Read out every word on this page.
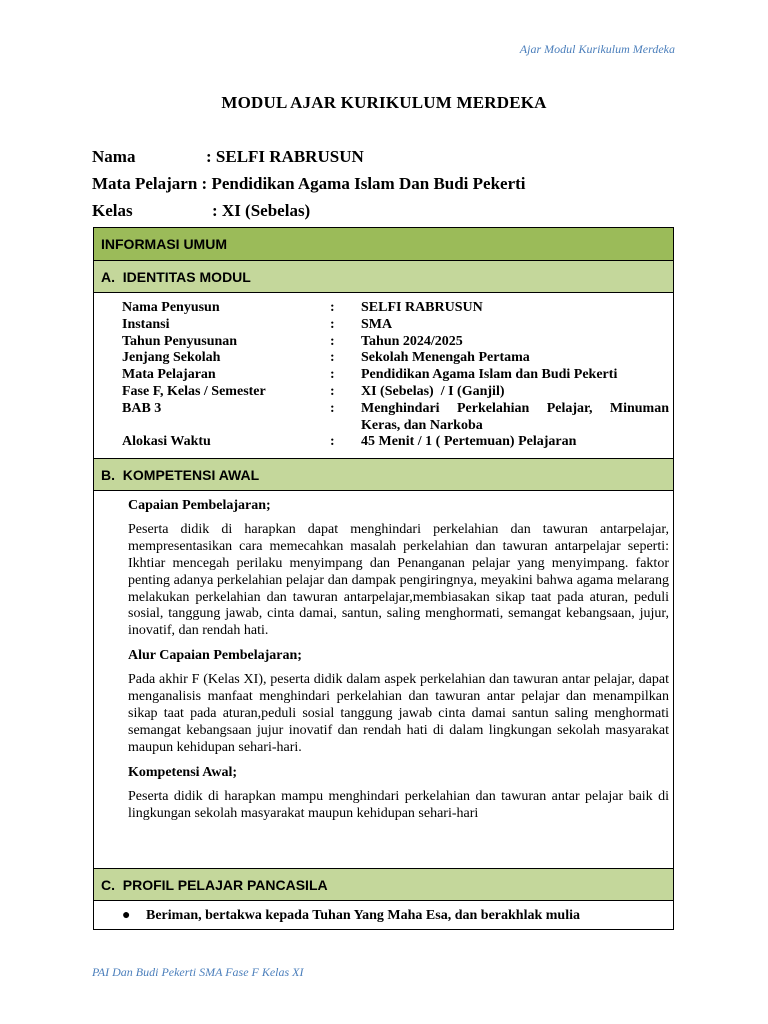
Ajar Modul Kurikulum Merdeka
MODUL AJAR KURIKULUM MERDEKA
Nama	: SELFI RABRUSUN
Mata Pelajarn : Pendidikan Agama Islam Dan Budi Pekerti
Kelas	: XI (Sebelas)
INFORMASI UMUM
A.  IDENTITAS MODUL
Nama Penyusun	:	SELFI RABRUSUN
Instansi	:	SMA
Tahun Penyusunan	:	Tahun 2024/2025
Jenjang Sekolah	:	Sekolah Menengah Pertama
Mata Pelajaran	:	Pendidikan Agama Islam dan Budi Pekerti
Fase F, Kelas / Semester	:	XI (Sebelas)  / I (Ganjil)
BAB 3	:	Menghindari Perkelahian Pelajar, Minuman Keras, dan Narkoba
Alokasi Waktu	:	45 Menit / 1 ( Pertemuan) Pelajaran
B.  KOMPETENSI AWAL
Capaian Pembelajaran;

Peserta didik di harapkan dapat menghindari perkelahian dan tawuran antarpelajar, mempresentasikan cara memecahkan masalah perkelahian dan tawuran antarpelajar seperti: Ikhtiar mencegah perilaku menyimpang dan Penanganan pelajar yang menyimpang. faktor penting adanya perkelahian pelajar dan dampak pengiringnya, meyakini bahwa agama melarang melakukan perkelahian dan tawuran antarpelajar,membiasakan sikap taat pada aturan, peduli sosial, tanggung jawab, cinta damai, santun, saling menghormati, semangat kebangsaan, jujur, inovatif, dan rendah hati.

Alur Capaian Pembelajaran;

Pada akhir F (Kelas XI), peserta didik dalam aspek perkelahian dan tawuran antar pelajar, dapat menganalisis manfaat menghindari perkelahian dan tawuran antar pelajar dan menampilkan sikap taat pada aturan,peduli sosial tanggung jawab cinta damai santun saling menghormati semangat kebangsaan jujur inovatif dan rendah hati di dalam lingkungan sekolah masyarakat maupun kehidupan sehari-hari.

Kompetensi Awal;

Peserta didik di harapkan mampu menghindari perkelahian dan tawuran antar pelajar baik di lingkungan sekolah masyarakat maupun kehidupan sehari-hari

C.  PROFIL PELAJAR PANCASILA
●	Beriman, bertakwa kepada Tuhan Yang Maha Esa, dan berakhlak mulia
PAI Dan Budi Pekerti SMA Fase F Kelas XI
